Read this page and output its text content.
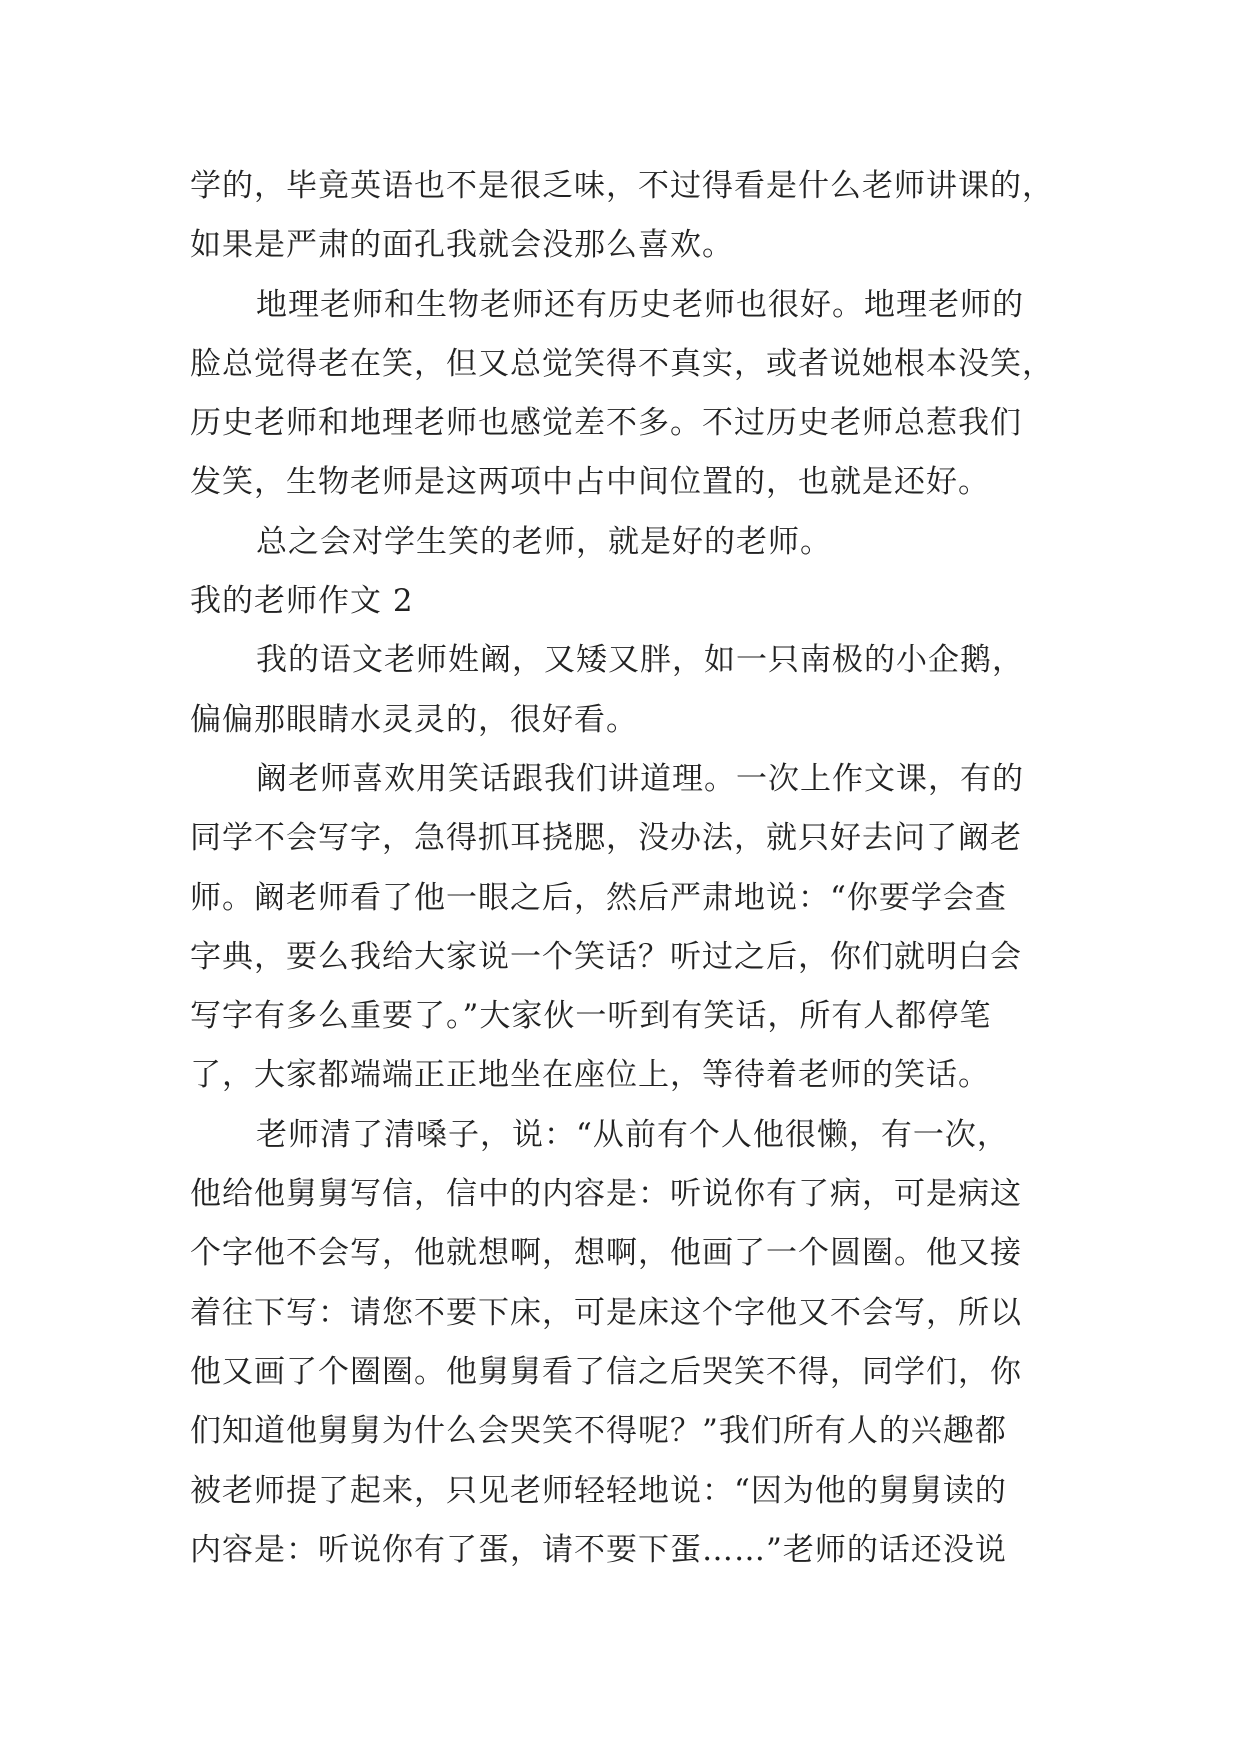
学的，毕竟英语也不是很乏味，不过得看是什么老师讲课的，
如果是严肃的面孔我就会没那么喜欢。
地理老师和生物老师还有历史老师也很好。地理老师的
脸总觉得老在笑，但又总觉笑得不真实，或者说她根本没笑，
历史老师和地理老师也感觉差不多。不过历史老师总惹我们
发笑，生物老师是这两项中占中间位置的，也就是还好。
总之会对学生笑的老师，就是好的老师。
我的老师作文 2
我的语文老师姓阚，又矮又胖，如一只南极的小企鹅，
偏偏那眼睛水灵灵的，很好看。
阚老师喜欢用笑话跟我们讲道理。一次上作文课，有的
同学不会写字，急得抓耳挠腮，没办法，就只好去问了阚老
师。阚老师看了他一眼之后，然后严肃地说：“你要学会查
字典，要么我给大家说一个笑话？听过之后，你们就明白会
写字有多么重要了。”大家伙一听到有笑话，所有人都停笔
了，大家都端端正正地坐在座位上，等待着老师的笑话。
老师清了清嗓子，说：“从前有个人他很懒，有一次，
他给他舅舅写信，信中的内容是：听说你有了病，可是病这
个字他不会写，他就想啊，想啊，他画了一个圆圈。他又接
着往下写：请您不要下床，可是床这个字他又不会写，所以
他又画了个圈圈。他舅舅看了信之后哭笑不得，同学们，你
们知道他舅舅为什么会哭笑不得呢？”我们所有人的兴趣都
被老师提了起来，只见老师轻轻地说：“因为他的舅舅读的
内容是：听说你有了蛋，请不要下蛋……”老师的话还没说
